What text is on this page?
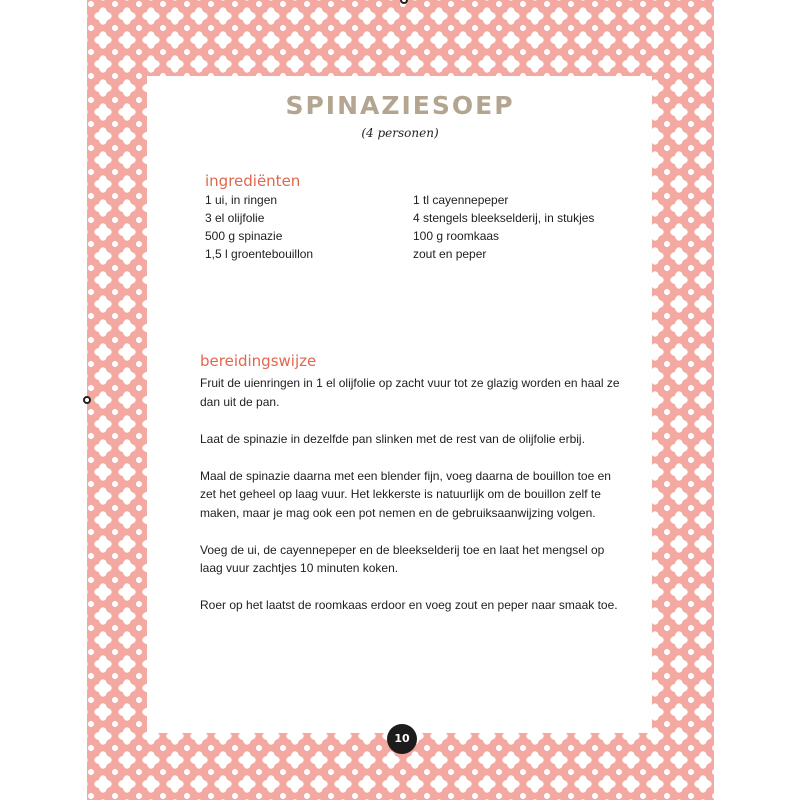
SPINAZIESOEP
(4 personen)
ingrediënten
1 ui, in ringen
3 el olijfolie
500 g spinazie
1,5 l groentebouillon
1 tl cayennepeper
4 stengels bleekselderij, in stukjes
100 g roomkaas
zout en peper
bereidingswijze

Fruit de uienringen in 1 el olijfolie op zacht vuur tot ze glazig worden en haal ze dan uit de pan.

Laat de spinazie in dezelfde pan slinken met de rest van de olijfolie erbij.

Maal de spinazie daarna met een blender fijn, voeg daarna de bouillon toe en zet het geheel op laag vuur. Het lekkerste is natuurlijk om de bouillon zelf te maken, maar je mag ook een pot nemen en de gebruiksaanwijzing volgen.

Voeg de ui, de cayennepeper en de bleekselderij toe en laat het mengsel op laag vuur zachtjes 10 minuten koken.

Roer op het laatst de roomkaas erdoor en voeg zout en peper naar smaak toe.

10
